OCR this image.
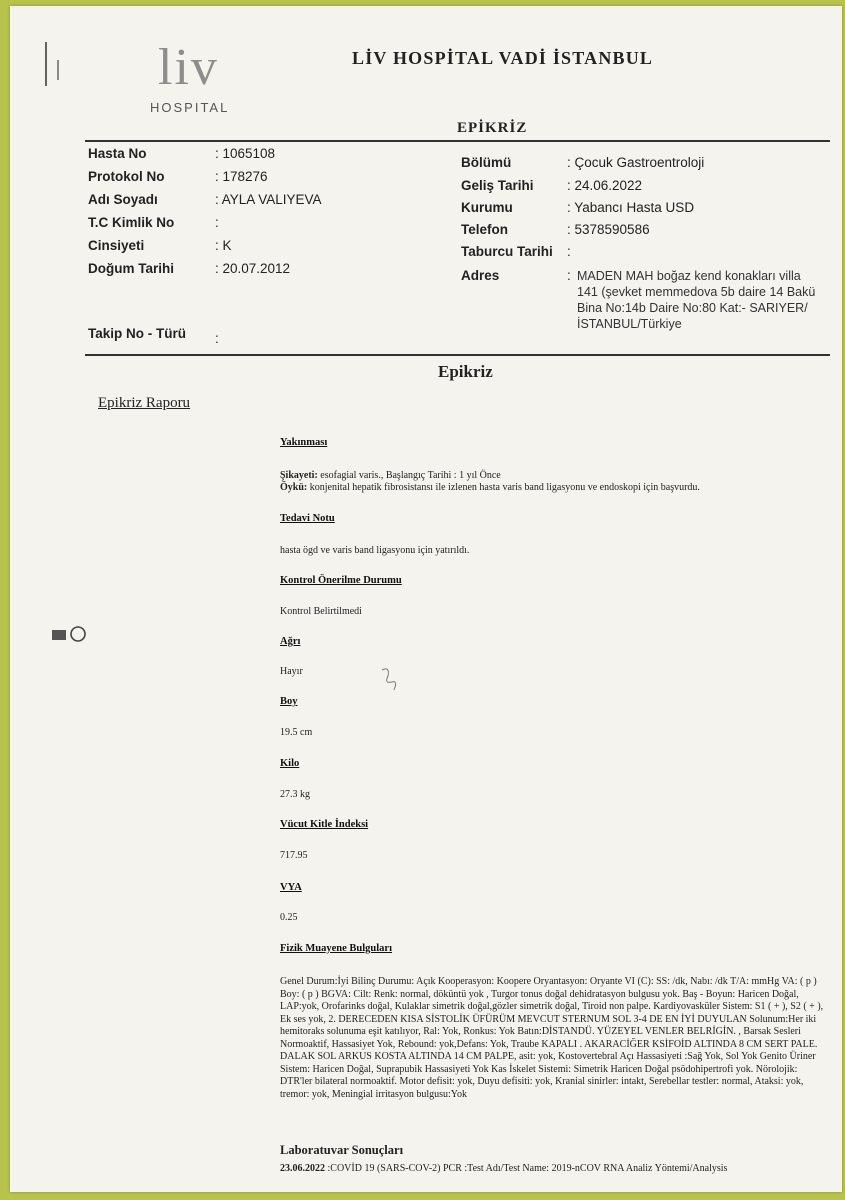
liv
HOSPITAL
LİV HOSPİTAL VADİ İSTANBUL
EPİKRİZ
Hasta No	: 1065108
Protokol No	: 178276
Adı Soyadı	: AYLA VALIYEVA
T.C Kimlik No	:
Cinsiyeti	: K
Doğum Tarihi	: 20.07.2012
Takip No - Türü :
Bölümü	: Çocuk Gastroentroloji
Geliş Tarihi : 24.06.2022
Kurumu	: Yabancı Hasta USD
Telefon	: 5378590586
Taburcu Tarihi :
Adres	: MADEN MAH boğaz kend konakları villa 141 (şevket memmedova 5b daire 14 Bakü Bina No:14b Daire No:80 Kat:- SARIYER/İSTANBUL/Türkiye
Epikriz
Epikriz Raporu
Yakınması
Şikayeti: esofagial varis., Başlangıç Tarihi : 1 yıl Önce
Öykü: konjenital hepatik fibrosistansı ile izlenen hasta varis band ligasyonu ve endoskopi için başvurdu.
Tedavi Notu
hasta ögd ve varis band ligasyonu için yatırıldı.
Kontrol Önerilme Durumu
Kontrol Belirtilmedi
Ağrı
Hayır
Boy
19.5 cm
Kilo
27.3 kg
Vücut Kitle İndeksi
717.95
VYA
0.25
Fizik Muayene Bulguları
Genel Durum:İyi Bilinç Durumu: Açık Kooperasyon: Koopere Oryantasyon: Oryante VI (C): SS: /dk, Nabı: /dk T/A: mmHg VA: ( p ) Boy: ( p ) BGVA: Cilt: Renk: normal, döküntü yok , Turgor tonus doğal dehidratasyon bulgusu yok. Baş - Boyun: Haricen Doğal, LAP:yok, Orofarinks doğal, Kulaklar simetrik doğal,gözler simetrik doğal, Tiroid non palpe. Kardiyovasküler Sistem: S1 ( + ), S2 ( + ), Ek ses yok, 2. DERECEDEN KISA SİSTOLİK ÜFÜRÜM MEVCUT STERNUM SOL 3-4 DE EN İYİ DUYULAN Solunum:Her iki hemitoraks solunuma eşit katılıyor, Ral: Yok, Ronkus: Yok Batın:DİSTANDÜ. YÜZEYEL VENLER BELRİGİN. , Barsak Sesleri Normoaktif, Hassasiyet Yok, Rebound: yok,Defans: Yok, Traube KAPALI . AKARACİĞER KSİFOİD ALTINDA 8 CM SERT PALE. DALAK SOL ARKUS KOSTA ALTINDA 14 CM PALPE, asit: yok, Kostovertebral Açı Hassasiyeti :Sağ Yok, Sol Yok Genito Üriner Sistem: Haricen Doğal, Suprapubik Hassasiyeti Yok Kas İskelet Sistemi: Simetrik Haricen Doğal psödohipertrofi yok. Nörolojik: DTR'ler bilateral normoaktif. Motor defisit: yok, Duyu defisiti: yok, Kranial sinirler: intakt, Serebellar testler: normal, Ataksi: yok, tremor: yok, Meningial irritasyon bulgusu:Yok
Laboratuvar Sonuçları
23.06.2022 :COVİD 19 (SARS-COV-2) PCR :Test Adı/Test Name: 2019-nCOV RNA Analiz Yöntemi/Analysis
